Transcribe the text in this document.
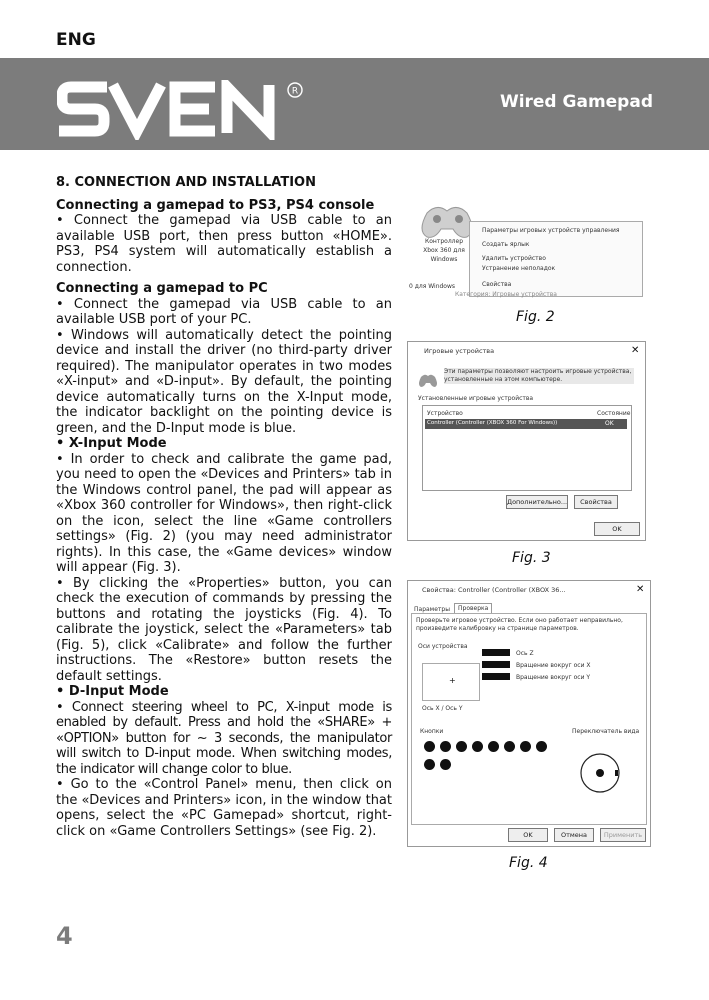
ENG
R
Wired Gamepad
8. CONNECTION AND INSTALLATION
Connecting a gamepad to PS3, PS4 console

• Connect the gamepad via USB cable to an available USB port, then press button «HOME». PS3, PS4 system will automatically establish a connection.

Connecting a gamepad to PC

• Connect the gamepad via USB cable to an available USB port of your PC.

• Windows will automatically detect the pointing device and install the driver (no third-party driver required). The manipulator operates in two modes «X-input» and «D-input». By default, the pointing device automatically turns on the X-Input mode, the indicator backlight on the pointing device is green, and the D-Input mode is blue.

• X-Input Mode

• In order to check and calibrate the game pad, you need to open the «Devices and Printers» tab in the Windows control panel, the pad will appear as «Xbox 360 controller for Windows», then right-click on the icon, select the line «Game controllers settings» (Fig. 2) (you may need administrator rights). In this case, the «Game devices» window will appear (Fig. 3).

• By clicking the «Properties» button, you can check the execution of commands by pressing the buttons and rotating the joysticks (Fig. 4). To calibrate the joystick, select the «Parameters» tab (Fig. 5), click «Calibrate» and follow the further instructions. The «Restore» button resets the default settings.

• D-Input Mode

• Connect steering wheel to PC, X-input mode is enabled by default. Press and hold the «SHARE» + «OPTION» button for ~ 3 seconds, the manipulator will switch to D-input mode. When switching modes, the indicator will change color to blue.

• Go to the «Control Panel» menu, then click on the «Devices and Printers» icon, in the window that opens, select the «PC Gamepad» shortcut, right-click on «Game Controllers Settings» (see Fig. 2).

Контроллер Xbox 360 для Windows
Параметры игровых устройств управления
Создать ярлык
Удалить устройство
Устранение неполадок
Свойства
0 для Windows
Категория: Игровые устройства
Fig. 2
Игровые устройства	✕
Эти параметры позволяют настроить игровые устройства, установленные на этом компьютере.
Установленные игровые устройства
Устройство	Состояние
Controller (Controller (XBOX 360 For Windows))	OK
Дополнительно...	Свойства
OK
Fig. 3
Свойства: Controller (Controller (XBOX 36...	✕
Параметры	Проверка
Проверьте игровое устройство. Если оно работает неправильно, произведите калибровку на странице параметров.
Оси устройства
+
Ось X / Ось Y
Ось Z
Вращение вокруг оси X
Вращение вокруг оси Y
Кнопки	Переключатель вида
OK	Отмена	Применить
Fig. 4
4
